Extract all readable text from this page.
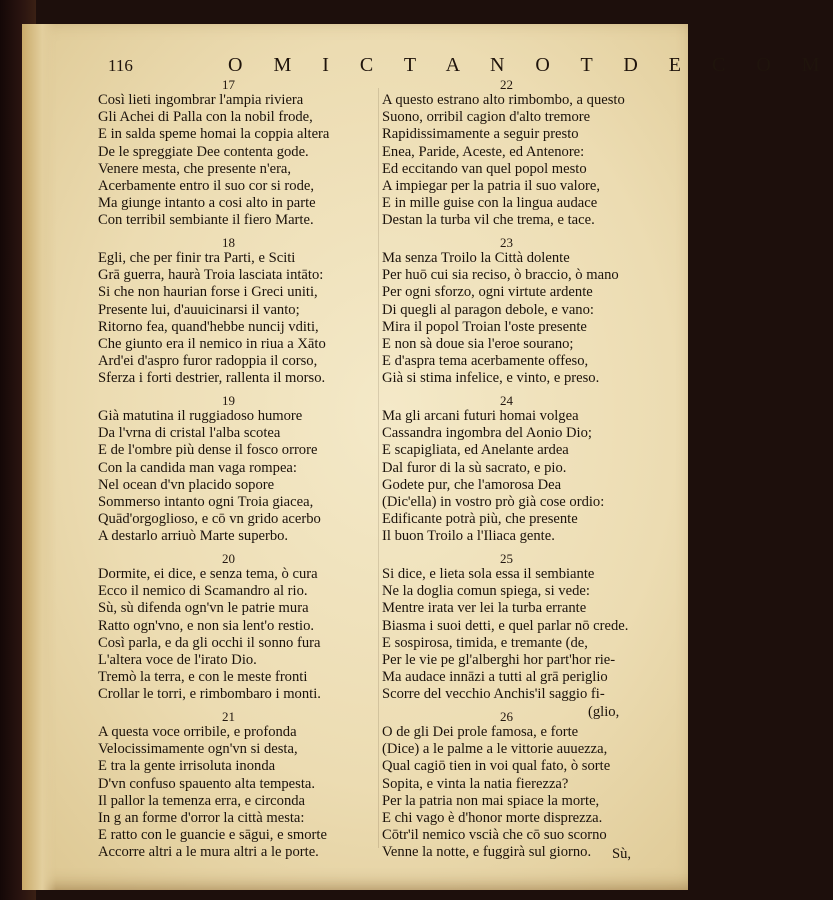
116	O M I C T A N O T D E C O M
17
Così lieti ingombrar l'ampia riviera
Gli Achei di Palla con la nobil frode,
E in salda speme homai la coppia altera
De le spreggiate Dee contenta gode.
Venere mesta, che presente n'era,
Acerbamente entro il suo cor si rode,
Ma giunge intanto a cosi alto in parte
Con terribil sembiante il fiero Marte.
22
A questo estrano alto rimbombo, a questo
Suono, orribil cagion d'alto tremore
Rapidissimamente a seguir presto
Enea, Paride, Aceste, ed Antenore:
Ed eccitando van quel popol mesto
A impiegar per la patria il suo valore,
E in mille guise con la lingua audace
Destan la turba vil che trema, e tace.
18
Egli, che per finir tra Parti, e Sciti
Grā guerra, haurà Troia lasciata intāto:
Si che non haurian forse i Greci uniti,
Presente lui, d'auuicinarsi il vanto;
Ritorno fea, quand'hebbe nuncij vditi,
Che giunto era il nemico in riua a Xāto
Ard'ei d'aspro furor radoppia il corso,
Sferza i forti destrier, rallenta il morso.
23
Ma senza Troilo la Città dolente
Per huō cui sia reciso, ò braccio, ò mano
Per ogni sforzo, ogni virtute ardente
Di quegli al paragon debole, e vano:
Mira il popol Troian l'oste presente
E non sà doue sia l'eroe sourano;
E d'aspra tema acerbamente offeso,
Già si stima infelice, e vinto, e preso.
19
Già matutina il ruggiadoso humore
Da l'vrna di cristal l'alba scotea
E de l'ombre più dense il fosco orrore
Con la candida man vaga rompea:
Nel ocean d'vn placido sopore
Sommerso intanto ogni Troia giacea,
Quād'orgoglioso, e cō vn grido acerbo
A destarlo arriuò Marte superbo.
24
Ma gli arcani futuri homai volgea
Cassandra ingombra del Aonio Dio;
E scapigliata, ed Anelante ardea
Dal furor di la sù sacrato, e pio.
Godete pur, che l'amorosa Dea
(Dic'ella) in vostro prò già cose ordio:
Edificante potrà più, che presente
Il buon Troilo a l'Iliaca gente.
20
Dormite, ei dice, e senza tema, ò cura
Ecco il nemico di Scamandro al rio.
Sù, sù difenda ogn'vn le patrie mura
Ratto ogn'vno, e non sia lent'o restio.
Così parla, e da gli occhi il sonno fura
L'altera voce de l'irato Dio.
Tremò la terra, e con le meste fronti
Crollar le torri, e rimbombaro i monti.
25
Si dice, e lieta sola essa il sembiante
Ne la doglia comun spiega, si vede:
Mentre irata ver lei la turba errante
Biasma i suoi detti, e quel parlar nō crede.
E sospirosa, timida, e tremante (de,
Per le vie pe gl'alberghi hor part'hor rie-
Ma audace innāzi a tutti al grā periglio
Scorre del vecchio Anchis'il saggio fi-
(glio,
21
A questa voce orribile, e profonda
Velocissimamente ogn'vn si desta,
E tra la gente irrisoluta inonda
D'vn confuso spauento alta tempesta.
Il pallor la temenza erra, e circonda
In g an forme d'orror la città mesta:
E ratto con le guancie e sāgui, e smorte
Accorre altri a le mura altri a le porte.
26
O de gli Dei prole famosa, e forte
(Dice) a le palme a le vittorie auuezza,
Qual cagiō tien in voi qual fato, ò sorte
Sopita, e vinta la natia fierezza?
Per la patria non mai spiace la morte,
E chi vago è d'honor morte disprezza.
Cōtr'il nemico vscià che cō suo scorno
Venne la notte, e fuggirà sul giorno.	Sù,
